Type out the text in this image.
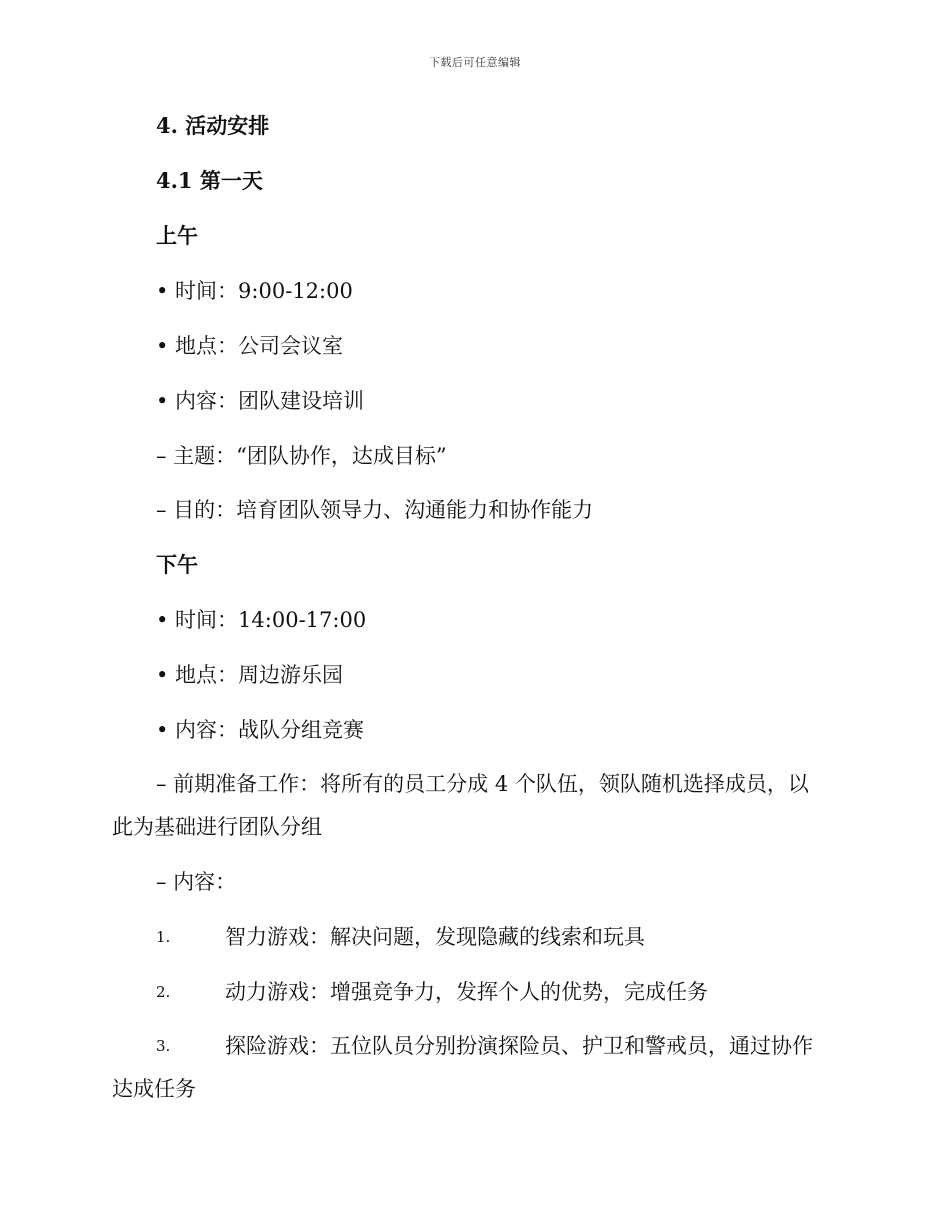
下载后可任意编辑
4. 活动安排
4.1 第一天
上午
• 时间：9:00-12:00
• 地点：公司会议室
• 内容：团队建设培训
– 主题：“团队协作，达成目标”
– 目的：培育团队领导力、沟通能力和协作能力
下午
• 时间：14:00-17:00
• 地点：周边游乐园
• 内容：战队分组竞赛
– 前期准备工作：将所有的员工分成 4 个队伍，领队随机选择成员，以
此为基础进行团队分组
– 内容：
1.	智力游戏：解决问题，发现隐藏的线索和玩具
2.	动力游戏：增强竞争力，发挥个人的优势，完成任务
3.	探险游戏：五位队员分别扮演探险员、护卫和警戒员，通过协作
达成任务
